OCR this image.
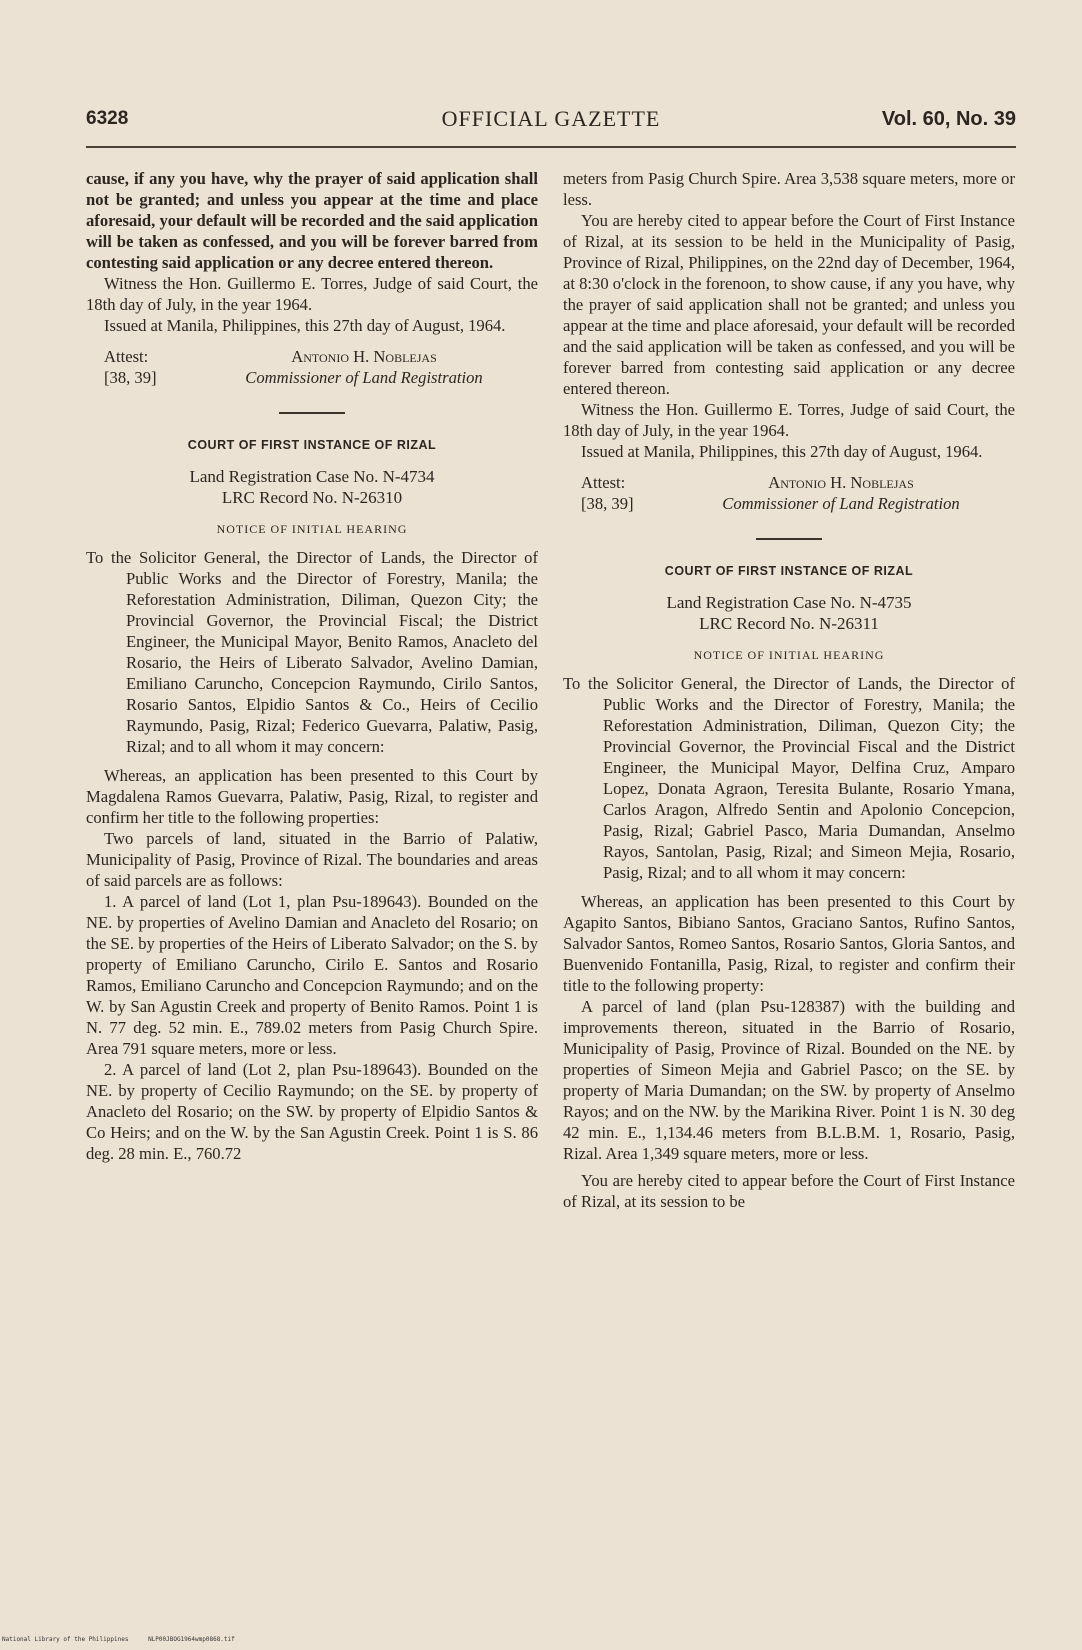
6328	OFFICIAL GAZETTE	Vol. 60, No. 39

cause, if any you have, why the prayer of said application shall not be granted; and unless you appear at the time and place aforesaid, your default will be recorded and the said application will be taken as confessed, and you will be forever barred from contesting said application or any decree entered thereon.

Witness the Hon. Guillermo E. Torres, Judge of said Court, the 18th day of July, in the year 1964.

Issued at Manila, Philippines, this 27th day of August, 1964.

Attest:	Antonio H. Noblejas
[38, 39]	Commissioner of Land Registration
COURT OF FIRST INSTANCE OF RIZAL
Land Registration Case No. N-4734
LRC Record No. N-26310
NOTICE OF INITIAL HEARING

To the Solicitor General, the Director of Lands, the Director of Public Works and the Director of Forestry, Manila; the Reforestation Administration, Diliman, Quezon City; the Provincial Governor, the Provincial Fiscal; the District Engineer, the Municipal Mayor, Benito Ramos, Anacleto del Rosario, the Heirs of Liberato Salvador, Avelino Damian, Emiliano Caruncho, Concepcion Raymundo, Cirilo Santos, Rosario Santos, Elpidio Santos & Co., Heirs of Cecilio Raymundo, Pasig, Rizal; Federico Guevarra, Palatiw, Pasig, Rizal; and to all whom it may concern:

Whereas, an application has been presented to this Court by Magdalena Ramos Guevarra, Palatiw, Pasig, Rizal, to register and confirm her title to the following properties:

Two parcels of land, situated in the Barrio of Palatiw, Municipality of Pasig, Province of Rizal. The boundaries and areas of said parcels are as follows:

1. A parcel of land (Lot 1, plan Psu-189643). Bounded on the NE. by properties of Avelino Damian and Anacleto del Rosario; on the SE. by properties of the Heirs of Liberato Salvador; on the S. by property of Emiliano Caruncho, Cirilo E. Santos and Rosario Ramos, Emiliano Caruncho and Concepcion Raymundo; and on the W. by San Agustin Creek and property of Benito Ramos. Point 1 is N. 77 deg. 52 min. E., 789.02 meters from Pasig Church Spire. Area 791 square meters, more or less.

2. A parcel of land (Lot 2, plan Psu-189643). Bounded on the NE. by property of Cecilio Raymundo; on the SE. by property of Anacleto del Rosario; on the SW. by property of Elpidio Santos & Co Heirs; and on the W. by the San Agustin Creek. Point 1 is S. 86 deg. 28 min. E., 760.72

meters from Pasig Church Spire. Area 3,538 square meters, more or less.

You are hereby cited to appear before the Court of First Instance of Rizal, at its session to be held in the Municipality of Pasig, Province of Rizal, Philippines, on the 22nd day of December, 1964, at 8:30 o'clock in the forenoon, to show cause, if any you have, why the prayer of said application shall not be granted; and unless you appear at the time and place aforesaid, your default will be recorded and the said application will be taken as confessed, and you will be forever barred from contesting said application or any decree entered thereon.

Witness the Hon. Guillermo E. Torres, Judge of said Court, the 18th day of July, in the year 1964.

Issued at Manila, Philippines, this 27th day of August, 1964.

Attest:	Antonio H. Noblejas
[38, 39]	Commissioner of Land Registration
COURT OF FIRST INSTANCE OF RIZAL
Land Registration Case No. N-4735
LRC Record No. N-26311
NOTICE OF INITIAL HEARING

To the Solicitor General, the Director of Lands, the Director of Public Works and the Director of Forestry, Manila; the Reforestation Administration, Diliman, Quezon City; the Provincial Governor, the Provincial Fiscal and the District Engineer, the Municipal Mayor, Delfina Cruz, Amparo Lopez, Donata Agraon, Teresita Bulante, Rosario Ymana, Carlos Aragon, Alfredo Sentin and Apolonio Concepcion, Pasig, Rizal; Gabriel Pasco, Maria Dumandan, Anselmo Rayos, Santolan, Pasig, Rizal; and Simeon Mejia, Rosario, Pasig, Rizal; and to all whom it may concern:

Whereas, an application has been presented to this Court by Agapito Santos, Bibiano Santos, Graciano Santos, Rufino Santos, Salvador Santos, Romeo Santos, Rosario Santos, Gloria Santos, and Buenvenido Fontanilla, Pasig, Rizal, to register and confirm their title to the following property:

A parcel of land (plan Psu-128387) with the building and improvements thereon, situated in the Barrio of Rosario, Municipality of Pasig, Province of Rizal. Bounded on the NE. by properties of Simeon Mejia and Gabriel Pasco; on the SE. by property of Maria Dumandan; on the SW. by property of Anselmo Rayos; and on the NW. by the Marikina River. Point 1 is N. 30 deg 42 min. E., 1,134.46 meters from B.L.B.M. 1, Rosario, Pasig, Rizal. Area 1,349 square meters, more or less.

You are hereby cited to appear before the Court of First Instance of Rizal, at its session to be

National Library of the Philippines	NLP00JBOG1964wmp0868.tif
